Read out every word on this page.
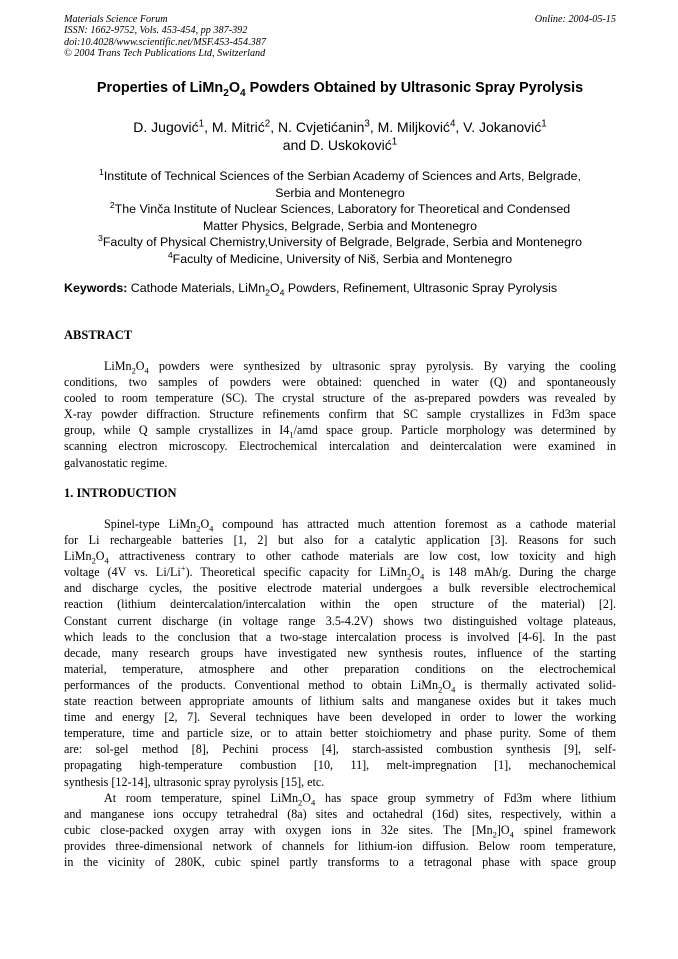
Materials Science Forum
ISSN: 1662-9752, Vols. 453-454, pp 387-392
doi:10.4028/www.scientific.net/MSF.453-454.387
© 2004 Trans Tech Publications Ltd, Switzerland
Online: 2004-05-15
Properties of $LiMn_2O_4$ Powders Obtained by Ultrasonic Spray Pyrolysis
D. Jugović$^1$, M. Mitrić$^2$, N. Cvjetićanin$^3$, M. Miljković$^4$, V. Jokanović$^1$
and D. Uskoković$^1$
$^1$Institute of Technical Sciences of the Serbian Academy of Sciences and Arts, Belgrade,
Serbia and Montenegro
$^2$The Vinča Institute of Nuclear Sciences, Laboratory for Theoretical and Condensed
Matter Physics, Belgrade, Serbia and Montenegro
$^3$Faculty of Physical Chemistry,University of Belgrade, Belgrade, Serbia and Montenegro
$^4$Faculty of Medicine, University of Niš, Serbia and Montenegro
Keywords: Cathode Materials, $LiMn_2O_4$ Powders, Refinement, Ultrasonic Spray Pyrolysis
ABSTRACT
$LiMn_2O_4$ powders were synthesized by ultrasonic spray pyrolysis. By varying the cooling
conditions, two samples of powders were obtained: quenched in water (Q) and spontaneously
cooled to room temperature (SC). The crystal structure of the as-prepared powders was revealed by
X-ray powder diffraction. Structure refinements confirm that SC sample crystallizes in Fd3m space
group, while Q sample crystallizes in $I4_1$/amd space group. Particle morphology was determined by
scanning electron microscopy. Electrochemical intercalation and deintercalation were examined in
galvanostatic regime.
1. INTRODUCTION
Spinel-type $LiMn_2O_4$ compound has attracted much attention foremost as a cathode material
for Li rechargeable batteries [1, 2] but also for a catalytic application [3]. Reasons for such
$LiMn_2O_4$ attractiveness contrary to other cathode materials are low cost, low toxicity and high
voltage (4V vs. Li/Li+). Theoretical specific capacity for $LiMn_2O_4$ is 148 mAh/g. During the charge
and discharge cycles, the positive electrode material undergoes a bulk reversible electrochemical
reaction (lithium deintercalation/intercalation within the open structure of the material) [2].
Constant current discharge (in voltage range 3.5-4.2V) shows two distinguished voltage plateaus,
which leads to the conclusion that a two-stage intercalation process is involved [4-6]. In the past
decade, many research groups have investigated new synthesis routes, influence of the starting
material, temperature, atmosphere and other preparation conditions on the electrochemical
performances of the products. Conventional method to obtain $LiMn_2O_4$ is thermally activated solid-
state reaction between appropriate amounts of lithium salts and manganese oxides but it takes much
time and energy [2, 7]. Several techniques have been developed in order to lower the working
temperature, time and particle size, or to attain better stoichiometry and phase purity. Some of them
are: sol-gel method [8], Pechini process [4], starch-assisted combustion synthesis [9], self-
propagating high-temperature combustion [10, 11], melt-impregnation [1], mechanochemical
synthesis [12-14], ultrasonic spray pyrolysis [15], etc.
At room temperature, spinel $LiMn_2O_4$ has space group symmetry of Fd3m where lithium
and manganese ions occupy tetrahedral (8a) sites and octahedral (16d) sites, respectively, within a
cubic close-packed oxygen array with oxygen ions in 32e sites. The $[Mn_2]O_4$ spinel framework
provides three-dimensional network of channels for lithium-ion diffusion. Below room temperature,
in the vicinity of 280K, cubic spinel partly transforms to a tetragonal phase with space group
